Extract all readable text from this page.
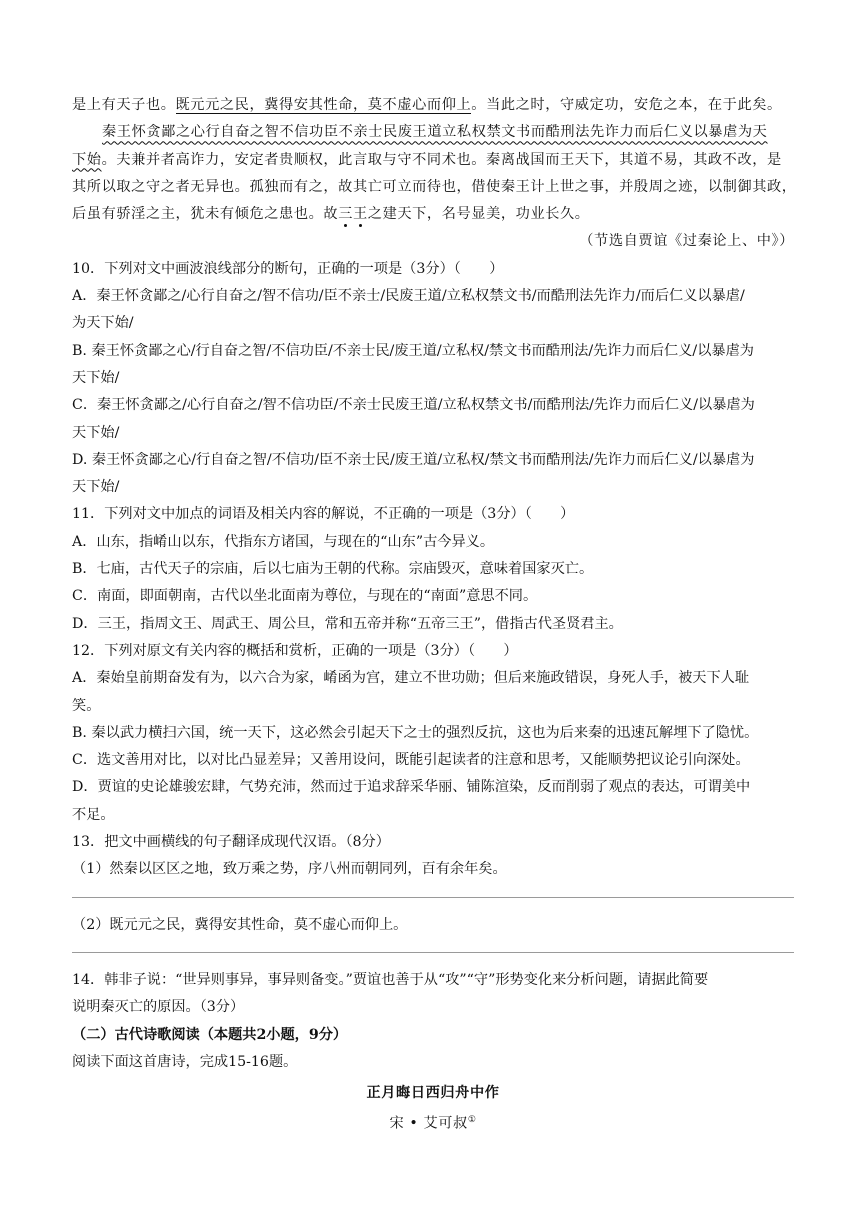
是上有天子也。既元元之民，冀得安其性命，莫不虚心而仰上。当此之时，守威定功，安危之本，在于此矣。

秦王怀贪鄙之心行自奋之智不信功臣不亲士民废王道立私权禁文书而酷刑法先诈力而后仁义以暴虐为天

下始。夫兼并者高诈力，安定者贵顺权，此言取与守不同术也。秦离战国而王天下，其道不易，其政不改，是

其所以取之守之者无异也。孤独而有之，故其亡可立而待也，借使秦王计上世之事，并殷周之迹，以制御其政，

后虽有骄淫之主，犹未有倾危之患也。故三王之建天下，名号显美，功业长久。

（节选自贾谊《过秦论上、中》）

10．下列对文中画波浪线部分的断句，正确的一项是（3分）（　　）

A．秦王怀贪鄙之/心行自奋之/智不信功/臣不亲士/民废王道/立私权禁文书/而酷刑法先诈力/而后仁义以暴虐/

为天下始/

B. 秦王怀贪鄙之心/行自奋之智/不信功臣/不亲士民/废王道/立私权/禁文书而酷刑法/先诈力而后仁义/以暴虐为

天下始/

C．秦王怀贪鄙之/心行自奋之/智不信功臣/不亲士民废王道/立私权禁文书/而酷刑法/先诈力而后仁义/以暴虐为

天下始/

D. 秦王怀贪鄙之心/行自奋之智/不信功/臣不亲士民/废王道/立私权/禁文书而酷刑法/先诈力而后仁义/以暴虐为

天下始/

11．下列对文中加点的词语及相关内容的解说，不正确的一项是（3分）（　　）

A．山东，指崤山以东，代指东方诸国，与现在的“山东”古今异义。

B．七庙，古代天子的宗庙，后以七庙为王朝的代称。宗庙毁灭，意味着国家灭亡。

C．南面，即面朝南，古代以坐北面南为尊位，与现在的“南面”意思不同。

D．三王，指周文王、周武王、周公旦，常和五帝并称“五帝三王”，借指古代圣贤君主。

12．下列对原文有关内容的概括和赏析，正确的一项是（3分）（　　）

A．秦始皇前期奋发有为，以六合为家，崤函为宫，建立不世功勋；但后来施政错误，身死人手，被天下人耻

笑。

B. 秦以武力横扫六国，统一天下，这必然会引起天下之士的强烈反抗，这也为后来秦的迅速瓦解埋下了隐忧。

C．选文善用对比，以对比凸显差异；又善用设问，既能引起读者的注意和思考，又能顺势把议论引向深处。

D．贾谊的史论雄骏宏肆，气势充沛，然而过于追求辞采华丽、铺陈渲染，反而削弱了观点的表达，可谓美中

不足。

13．把文中画横线的句子翻译成现代汉语。（8分）

（1）然秦以区区之地，致万乘之势，序八州而朝同列，百有余年矣。

（2）既元元之民，冀得安其性命，莫不虚心而仰上。

14．韩非子说：“世异则事异，事异则备变。”贾谊也善于从“攻”“守”形势变化来分析问题，请据此简要

说明秦灭亡的原因。（3分）

（二）古代诗歌阅读（本题共2小题，9分）

阅读下面这首唐诗，完成15-16题。

正月晦日西归舟中作

宋 • 艾可叔①
